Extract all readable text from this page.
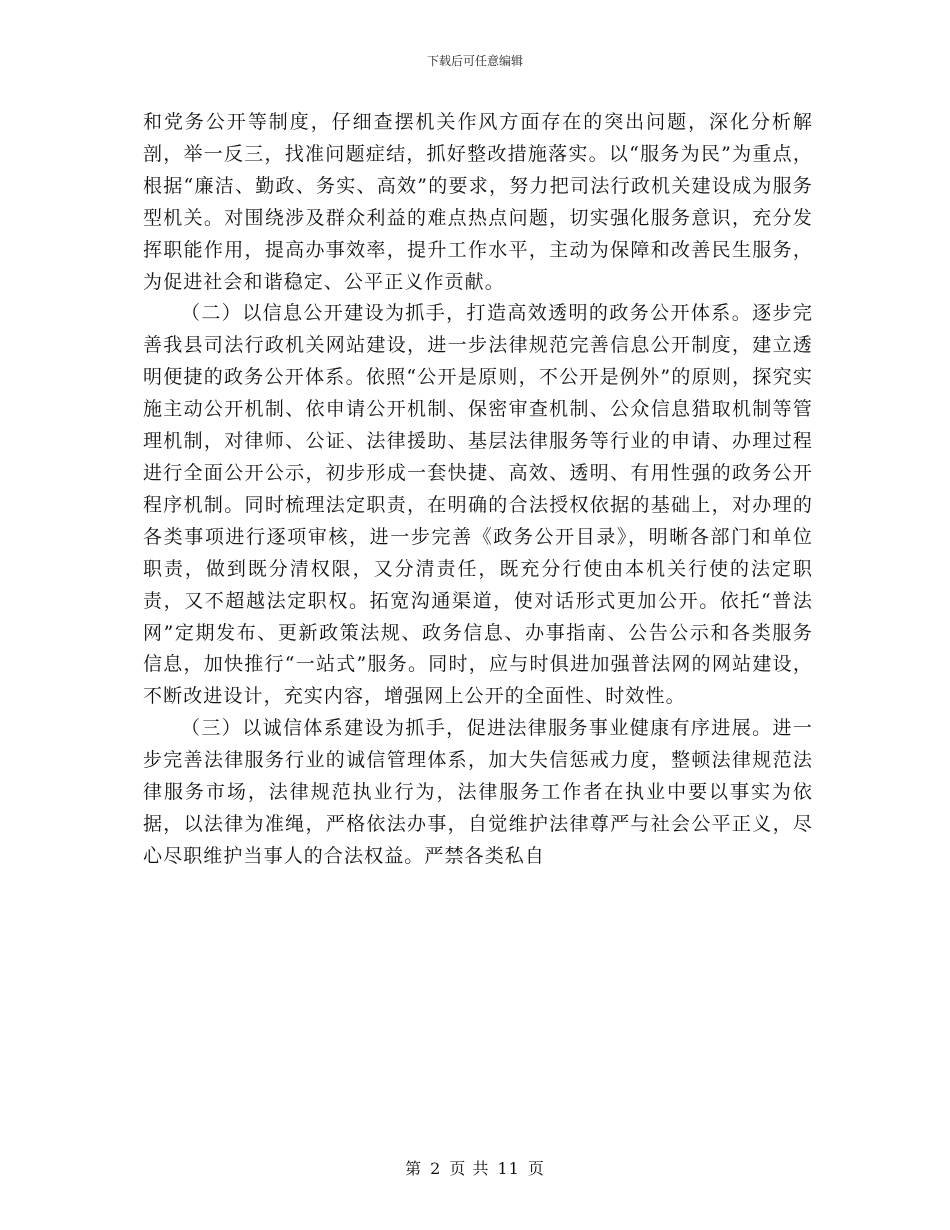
下载后可任意编辑

和党务公开等制度，仔细查摆机关作风方面存在的突出问题，深化分析解剖，举一反三，找准问题症结，抓好整改措施落实。以“服务为民”为重点，根据“廉洁、勤政、务实、高效”的要求，努力把司法行政机关建设成为服务型机关。对围绕涉及群众利益的难点热点问题，切实强化服务意识，充分发挥职能作用，提高办事效率，提升工作水平，主动为保障和改善民生服务，为促进社会和谐稳定、公平正义作贡献。

（二）以信息公开建设为抓手，打造高效透明的政务公开体系。逐步完善我县司法行政机关网站建设，进一步法律规范完善信息公开制度，建立透明便捷的政务公开体系。依照“公开是原则，不公开是例外”的原则，探究实施主动公开机制、依申请公开机制、保密审查机制、公众信息猎取机制等管理机制，对律师、公证、法律援助、基层法律服务等行业的申请、办理过程进行全面公开公示，初步形成一套快捷、高效、透明、有用性强的政务公开程序机制。同时梳理法定职责，在明确的合法授权依据的基础上，对办理的各类事项进行逐项审核，进一步完善《政务公开目录》，明晰各部门和单位职责，做到既分清权限，又分清责任，既充分行使由本机关行使的法定职责，又不超越法定职权。拓宽沟通渠道，使对话形式更加公开。依托“普法网”定期发布、更新政策法规、政务信息、办事指南、公告公示和各类服务信息，加快推行“一站式”服务。同时，应与时俱进加强普法网的网站建设，不断改进设计，充实内容，增强网上公开的全面性、时效性。

（三）以诚信体系建设为抓手，促进法律服务事业健康有序进展。进一步完善法律服务行业的诚信管理体系，加大失信惩戒力度，整顿法律规范法律服务市场，法律规范执业行为，法律服务工作者在执业中要以事实为依据，以法律为准绳，严格依法办事，自觉维护法律尊严与社会公平正义，尽心尽职维护当事人的合法权益。严禁各类私自

第 2 页 共 11 页
